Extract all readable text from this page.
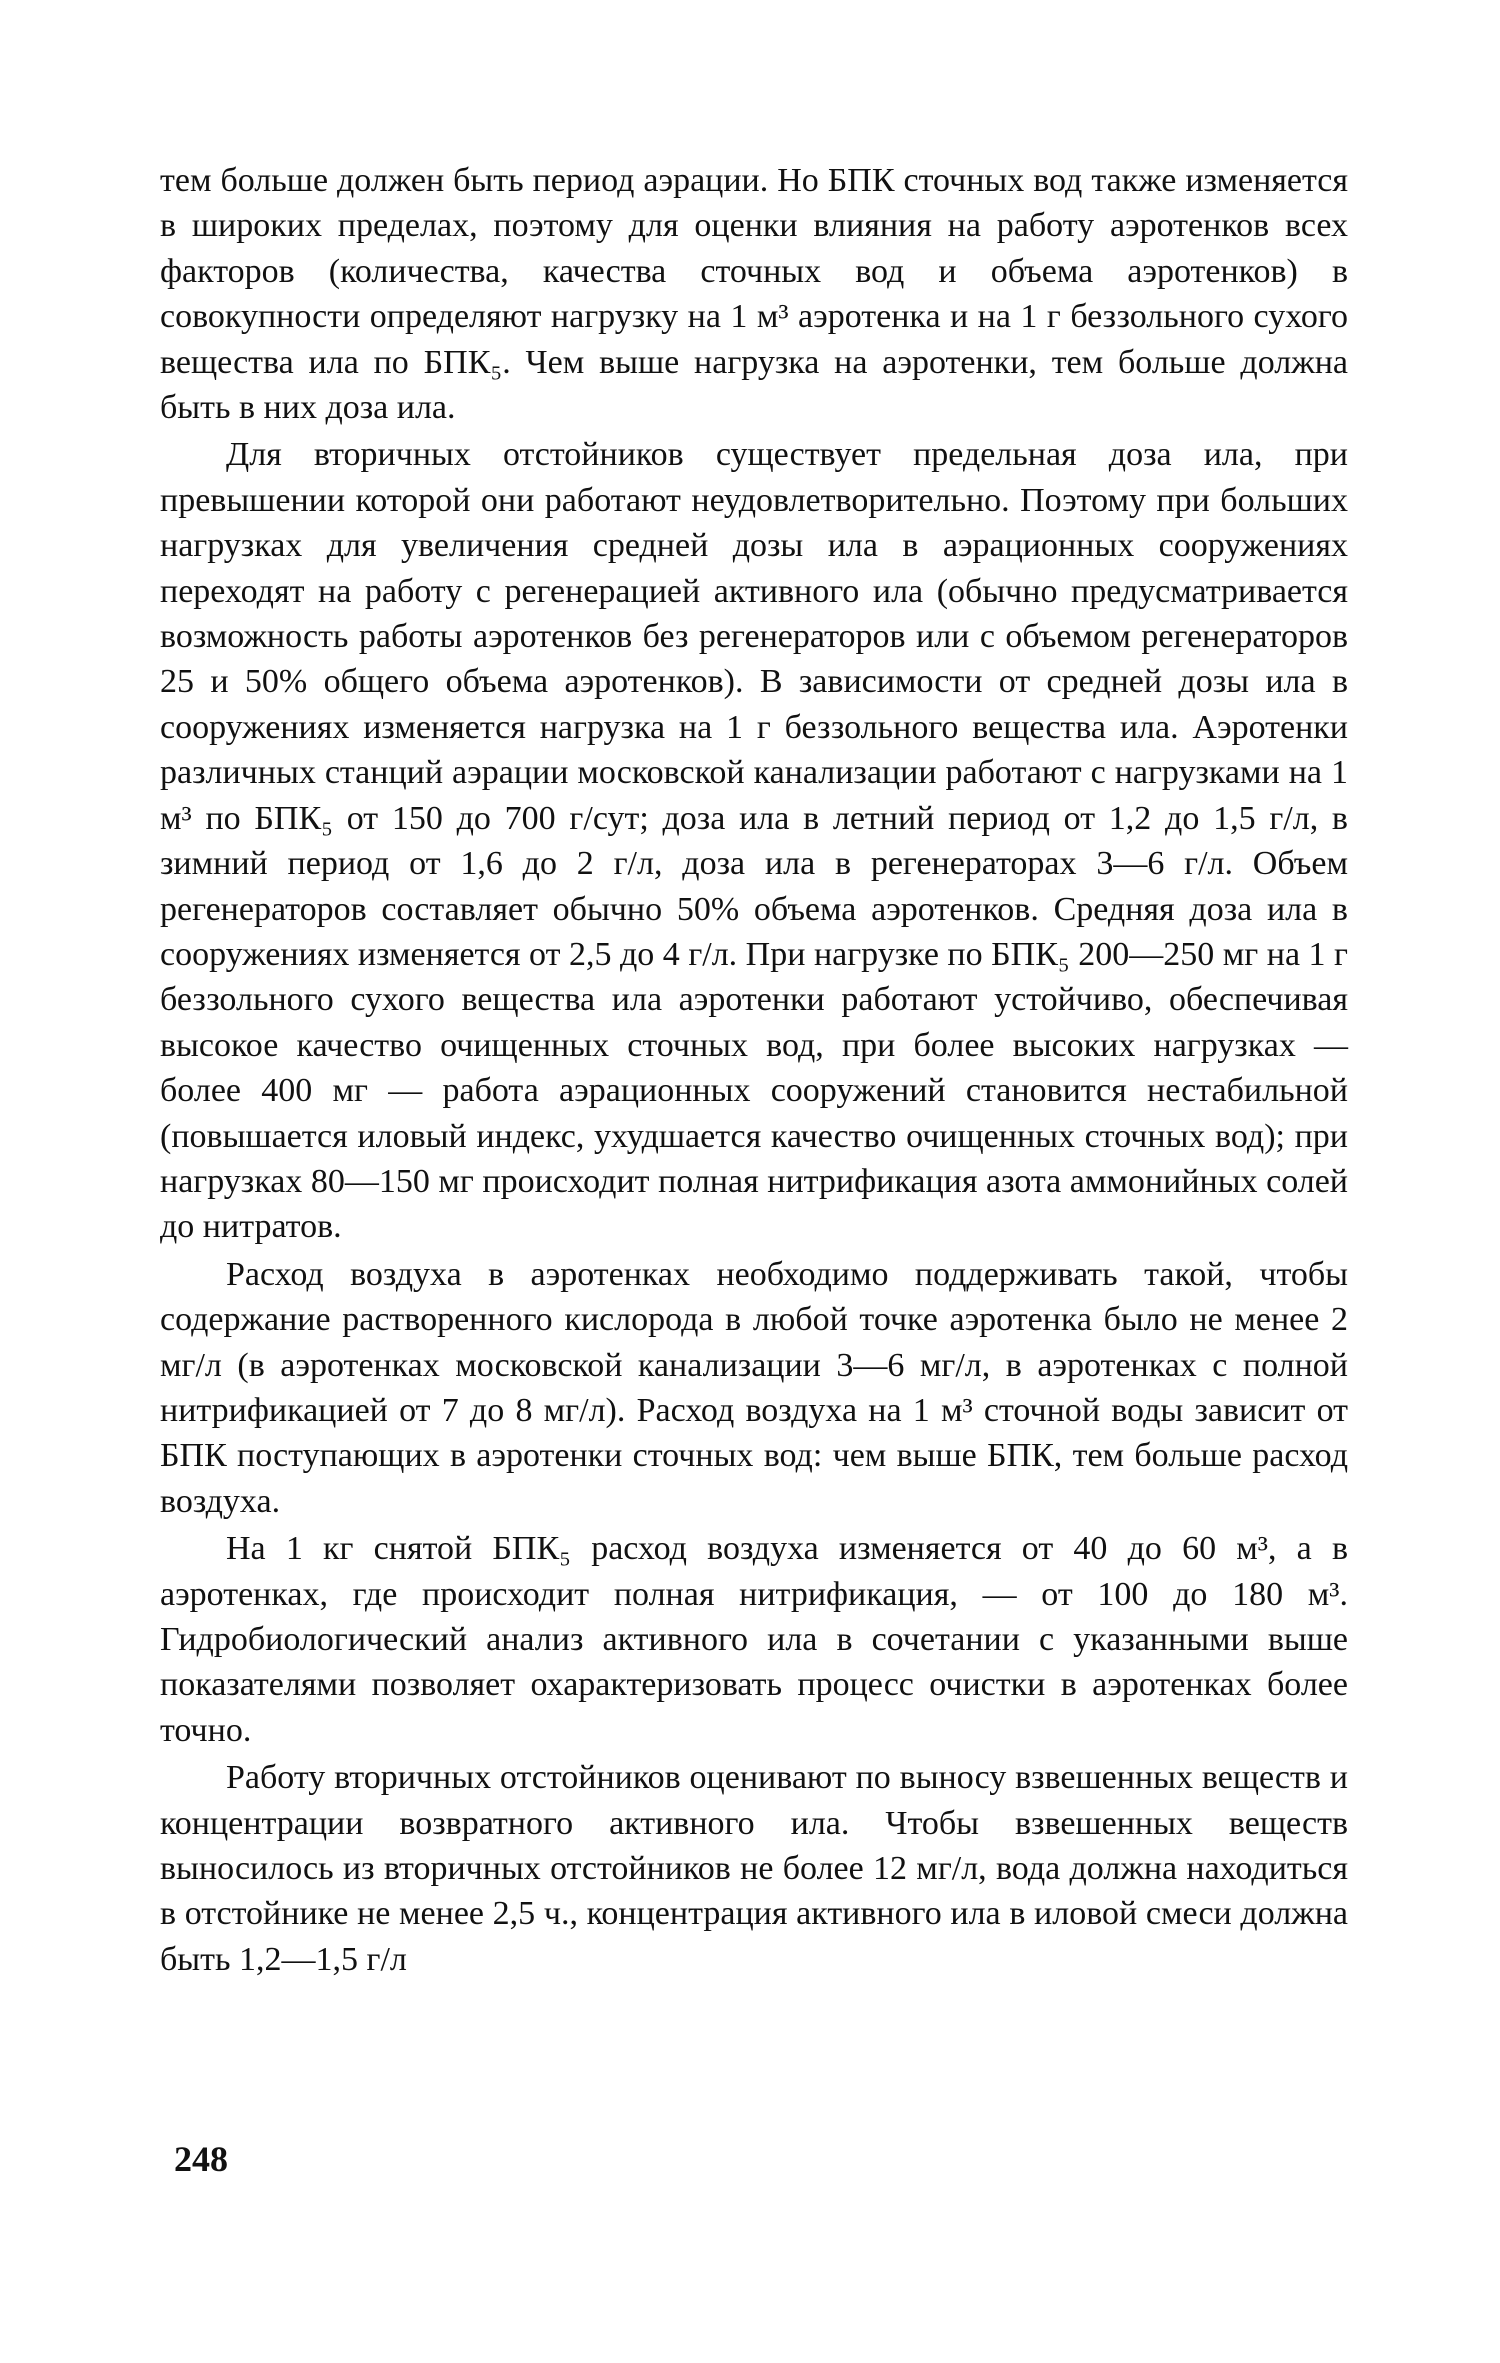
тем больше должен быть период аэрации. Но БПК сточных вод также изменяется в широких пределах, поэтому для оценки влияния на работу аэротенков всех факторов (количества, качества сточных вод и объема аэротенков) в совокупности определяют нагрузку на 1 м³ аэротенка и на 1 г беззольного сухого вещества ила по БПК₅. Чем выше нагрузка на аэротенки, тем больше должна быть в них доза ила.

Для вторичных отстойников существует предельная доза ила, при превышении которой они работают неудовлетворительно. Поэтому при больших нагрузках для увеличения средней дозы ила в аэрационных сооружениях переходят на работу с регенерацией активного ила (обычно предусматривается возможность работы аэротенков без регенераторов или с объемом регенераторов 25 и 50% общего объема аэротенков). В зависимости от средней дозы ила в сооружениях изменяется нагрузка на 1 г беззольного вещества ила. Аэротенки различных станций аэрации московской канализации работают с нагрузками на 1 м³ по БПК₅ от 150 до 700 г/сут; доза ила в летний период от 1,2 до 1,5 г/л, в зимний период от 1,6 до 2 г/л, доза ила в регенераторах 3—6 г/л. Объем регенераторов составляет обычно 50% объема аэротенков. Средняя доза ила в сооружениях изменяется от 2,5 до 4 г/л. При нагрузке по БПК₅ 200—250 мг на 1 г беззольного сухого вещества ила аэротенки работают устойчиво, обеспечивая высокое качество очищенных сточных вод, при более высоких нагрузках — более 400 мг — работа аэрационных сооружений становится нестабильной (повышается иловый индекс, ухудшается качество очищенных сточных вод); при нагрузках 80—150 мг происходит полная нитрификация азота аммонийных солей до нитратов.

Расход воздуха в аэротенках необходимо поддерживать такой, чтобы содержание растворенного кислорода в любой точке аэротенка было не менее 2 мг/л (в аэротенках московской канализации 3—6 мг/л, в аэротенках с полной нитрификацией от 7 до 8 мг/л). Расход воздуха на 1 м³ сточной воды зависит от БПК поступающих в аэротенки сточных вод: чем выше БПК, тем больше расход воздуха.

На 1 кг снятой БПК₅ расход воздуха изменяется от 40 до 60 м³, а в аэротенках, где происходит полная нитрификация, — от 100 до 180 м³. Гидробиологический анализ активного ила в сочетании с указанными выше показателями позволяет охарактеризовать процесс очистки в аэротенках более точно.

Работу вторичных отстойников оценивают по выносу взвешенных веществ и концентрации возвратного активного ила. Чтобы взвешенных веществ выносилось из вторичных отстойников не более 12 мг/л, вода должна находиться в отстойнике не менее 2,5 ч., концентрация активного ила в иловой смеси должна быть 1,2—1,5 г/л

248
